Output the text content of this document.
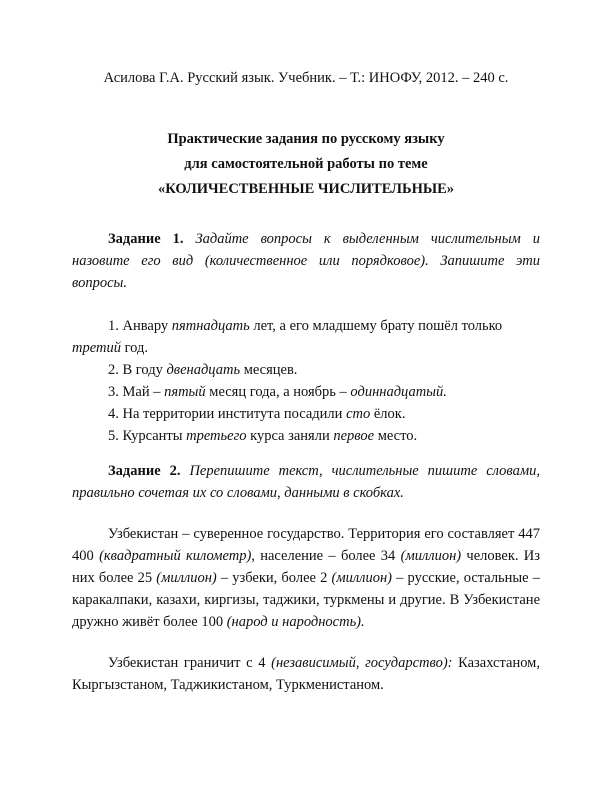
Асилова Г.А. Русский язык. Учебник. – Т.: ИНОФУ, 2012. – 240 с.
Практические задания по русскому языку
для самостоятельной работы по теме
«КОЛИЧЕСТВЕННЫЕ ЧИСЛИТЕЛЬНЫЕ»
Задание 1. Задайте вопросы к выделенным числительным и назовите его вид (количественное или порядковое). Запишите эти вопросы.
1. Анвару пятнадцать лет, а его младшему брату пошёл только
третий год.
2. В году двенадцать месяцев.
3. Май – пятый месяц года, а ноябрь – одиннадцатый.
4. На территории института посадили сто ёлок.
5. Курсанты третьего курса заняли первое место.
Задание 2. Перепишите текст, числительные пишите словами, правильно сочетая их со словами, данными в скобках.
Узбекистан – суверенное государство. Территория его составляет 447 400 (квадратный километр), население – более 34 (миллион) человек. Из них более 25 (миллион) – узбеки, более 2 (миллион) – русские, остальные – каракалпаки, казахи, киргизы, таджики, туркмены и другие. В Узбекистане дружно живёт более 100 (народ и народность).
Узбекистан граничит с 4 (независимый, государство): Казахстаном, Кыргызстаном, Таджикистаном, Туркменистаном.
